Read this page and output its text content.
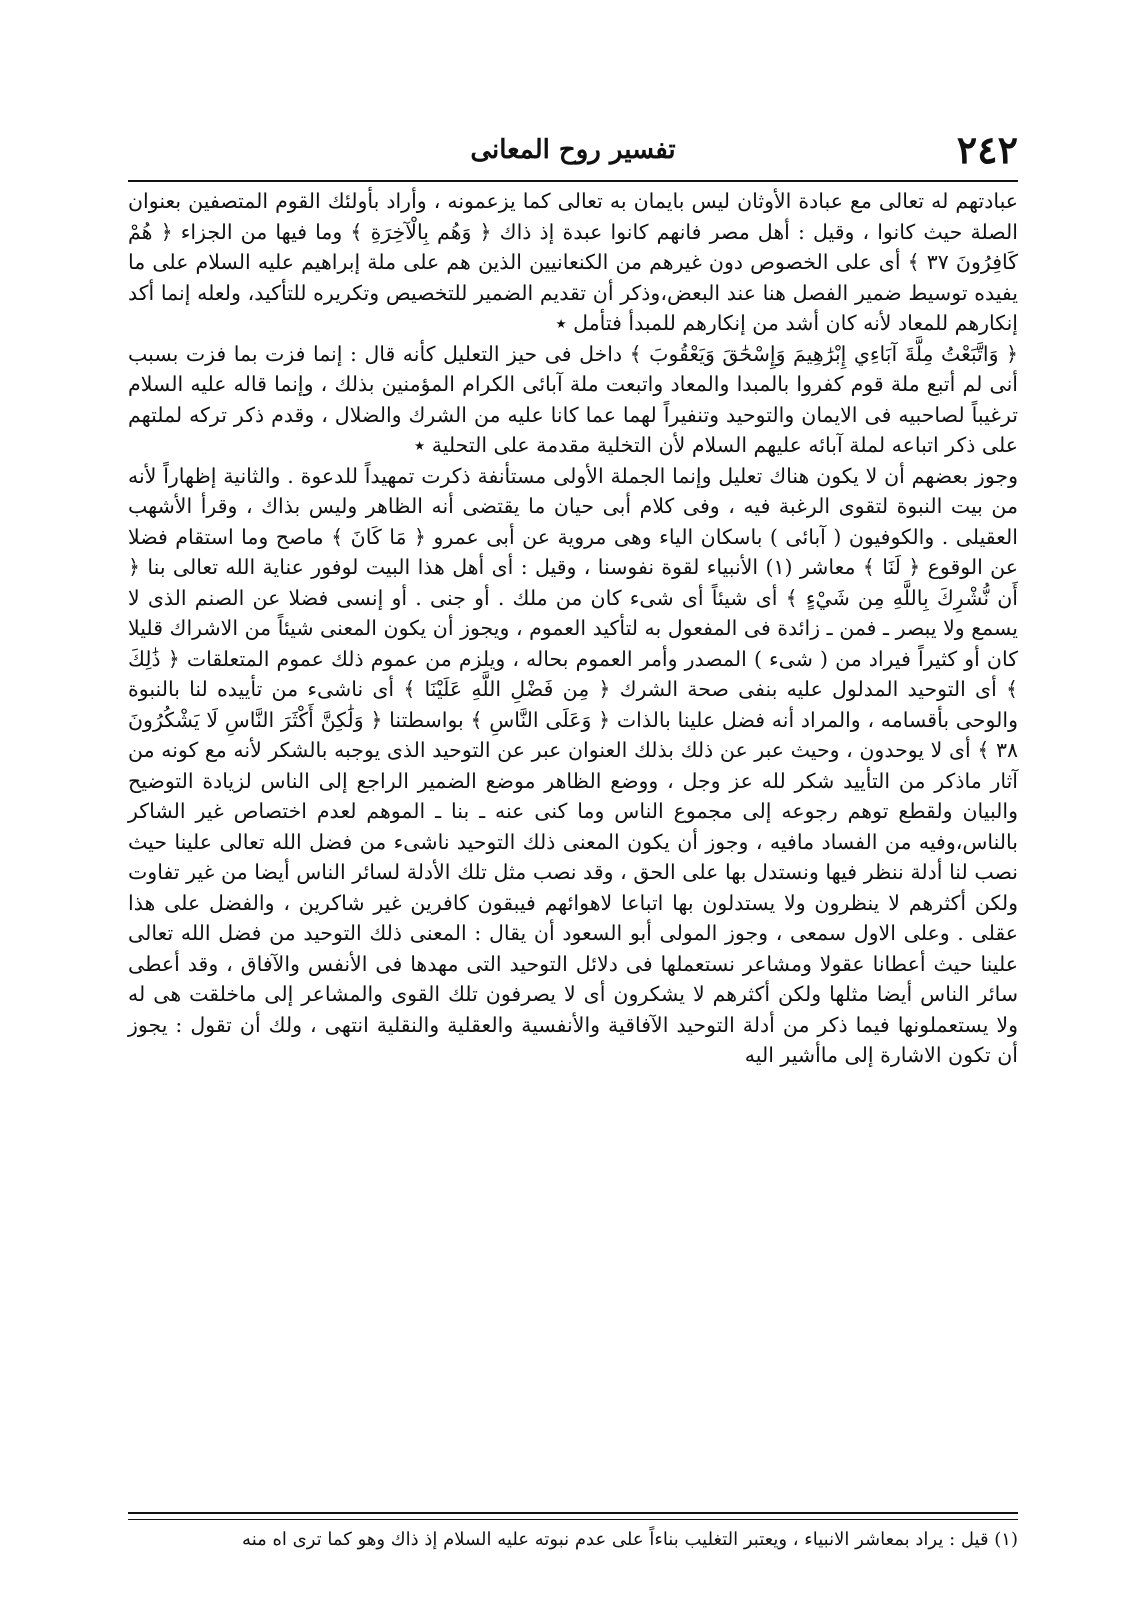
٢٤٢
تفسير روح المعانى

عبادتهم له تعالى مع عبادة الأوثان ليس بايمان به تعالى كما يزعمونه ، وأراد بأولئك القوم المتصفين بعنوان الصلة حيث كانوا ، وقيل : أهل مصر فانهم كانوا عبدة إذ ذاك ﴿ وَهُم بِالْآخِرَةِ ﴾ وما فيها من الجزاء ﴿ هُمْ كَافِرُونَ ٣٧ ﴾ أى على الخصوص دون غيرهم من الكنعانيين الذين هم على ملة إبراهيم عليه السلام على ما يفيده توسيط ضمير الفصل هنا عند البعض،وذكر أن تقديم الضمير للتخصيص وتكريره للتأكيد، ولعله إنما أكد إنكارهم للمعاد لأنه كان أشد من إنكارهم للمبدأ فتأمل ٭

﴿ وَاتَّبَعْتُ مِلَّةَ آبَاءِي إِبْرَٰهِيمَ وَإِسْحَٰقَ وَيَعْقُوبَ ﴾ داخل فى حيز التعليل كأنه قال : إنما فزت بما فزت بسبب أنى لم أتبع ملة قوم كفروا بالمبدا والمعاد واتبعت ملة آبائى الكرام المؤمنين بذلك ، وإنما قاله عليه السلام ترغيباً لصاحبيه فى الايمان والتوحيد وتنفيراً لهما عما كانا عليه من الشرك والضلال ، وقدم ذكر تركه لملتهم على ذكر اتباعه لملة آبائه عليهم السلام لأن التخلية مقدمة على التحلية ٭

وجوز بعضهم أن لا يكون هناك تعليل وإنما الجملة الأولى مستأنفة ذكرت تمهيداً للدعوة . والثانية إظهاراً لأنه من بيت النبوة لتقوى الرغبة فيه ، وفى كلام أبى حيان ما يقتضى أنه الظاهر وليس بذاك ، وقرأ الأشهب العقيلى . والكوفيون ( آبائى ) باسكان الياء وهى مروية عن أبى عمرو ﴿ مَا كَانَ ﴾ ماصح وما استقام فضلا عن الوقوع ﴿ لَنَا ﴾ معاشر (١) الأنبياء لقوة نفوسنا ، وقيل : أى أهل هذا البيت لوفور عناية الله تعالى بنا ﴿ أَن نُّشْرِكَ بِاللَّهِ مِن شَيْءٍ ﴾ أى شيئاً أى شىء كان من ملك . أو جنى . أو إنسى فضلا عن الصنم الذى لا يسمع ولا يبصر ـ فمن ـ زائدة فى المفعول به لتأكيد العموم ، ويجوز أن يكون المعنى شيئاً من الاشراك قليلا كان أو كثيراً فيراد من ( شىء ) المصدر وأمر العموم بحاله ، ويلزم من عموم ذلك عموم المتعلقات ﴿ ذَٰلِكَ ﴾ أى التوحيد المدلول عليه بنفى صحة الشرك ﴿ مِن فَضْلِ اللَّهِ عَلَيْنَا ﴾ أى ناشىء من تأييده لنا بالنبوة والوحى بأقسامه ، والمراد أنه فضل علينا بالذات ﴿ وَعَلَى النَّاسِ ﴾ بواسطتنا ﴿ وَلَٰكِنَّ أَكْثَرَ النَّاسِ لَا يَشْكُرُونَ ٣٨ ﴾ أى لا يوحدون ، وحيث عبر عن ذلك بذلك العنوان عبر عن التوحيد الذى يوجبه بالشكر لأنه مع كونه من آثار ماذكر من التأييد شكر لله عز وجل ، ووضع الظاهر موضع الضمير الراجع إلى الناس لزيادة التوضيح والبيان ولقطع توهم رجوعه إلى مجموع الناس وما كنى عنه ـ بنا ـ الموهم لعدم اختصاص غير الشاكر بالناس،وفيه من الفساد مافيه ، وجوز أن يكون المعنى ذلك التوحيد ناشىء من فضل الله تعالى علينا حيث نصب لنا أدلة ننظر فيها ونستدل بها على الحق ، وقد نصب مثل تلك الأدلة لسائر الناس أيضا من غير تفاوت ولكن أكثرهم لا ينظرون ولا يستدلون بها اتباعا لاهوائهم فيبقون كافرين غير شاكرين ، والفضل على هذا عقلى . وعلى الاول سمعى ، وجوز المولى أبو السعود أن يقال : المعنى ذلك التوحيد من فضل الله تعالى علينا حيث أعطانا عقولا ومشاعر نستعملها فى دلائل التوحيد التى مهدها فى الأنفس والآفاق ، وقد أعطى سائر الناس أيضا مثلها ولكن أكثرهم لا يشكرون أى لا يصرفون تلك القوى والمشاعر إلى ماخلقت هى له ولا يستعملونها فيما ذكر من أدلة التوحيد الآفاقية والأنفسية والعقلية والنقلية انتهى ، ولك أن تقول : يجوز أن تكون الاشارة إلى ماأشير اليه

(١) قيل : يراد بمعاشر الانبياء ، ويعتبر التغليب بناءاً على عدم نبوته عليه السلام إذ ذاك وهو كما ترى اه منه
